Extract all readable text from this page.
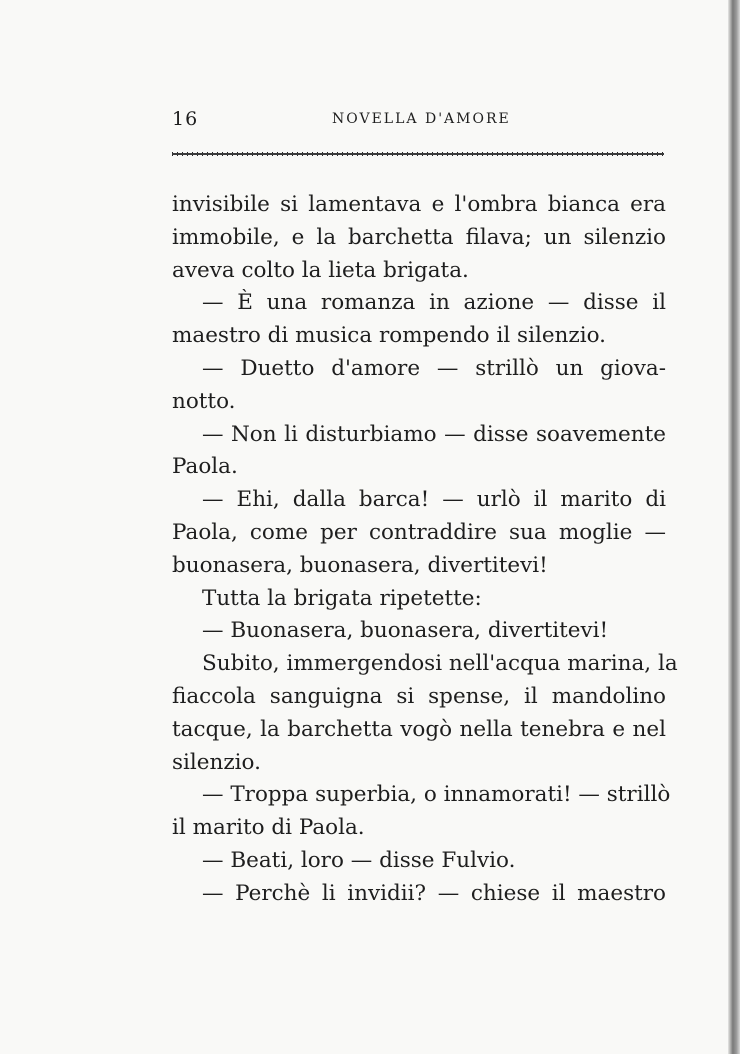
16	NOVELLA D'AMORE
invisibile si lamentava e l'ombra bianca era
immobile, e la barchetta filava; un silenzio
aveva colto la lieta brigata.
— È una romanza in azione — disse il
maestro di musica rompendo il silenzio.
— Duetto d'amore — strillò un giova-
notto.
— Non li disturbiamo — disse soavemente
Paola.
— Ehi, dalla barca! — urlò il marito di
Paola, come per contraddire sua moglie —
buonasera, buonasera, divertitevi!
Tutta la brigata ripetette:
— Buonasera, buonasera, divertitevi!
Subito, immergendosi nell'acqua marina, la
fiaccola sanguigna si spense, il mandolino
tacque, la barchetta vogò nella tenebra e nel
silenzio.
— Troppa superbia, o innamorati! — strillò
il marito di Paola.
— Beati, loro — disse Fulvio.
— Perchè li invidii? — chiese il maestro
